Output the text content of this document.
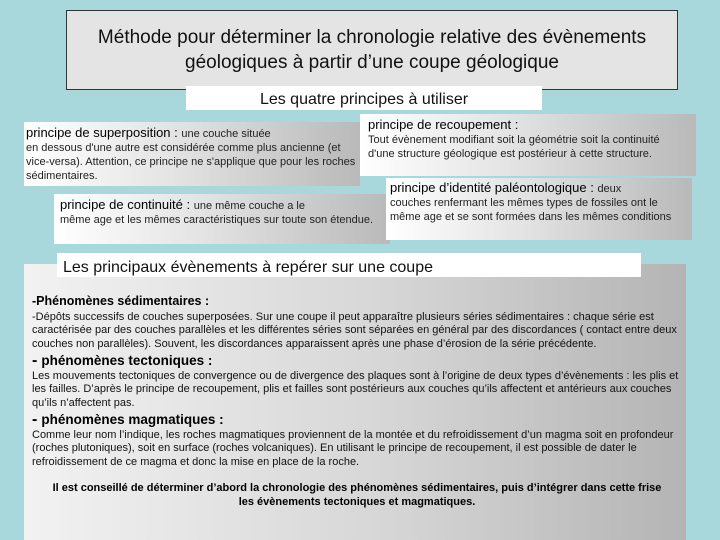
Méthode pour déterminer la chronologie relative des évènements géologiques à partir d’une coupe géologique
principe de superposition : une couche située
en dessous d'une autre est considérée comme plus ancienne (et vice-versa). Attention, ce principe ne s'applique que pour les roches sédimentaires.
principe de recoupement :
Tout évènement modifiant soit la géométrie soit la continuité d'une structure géologique est postérieur à cette structure.
principe de continuité : une même couche a le
même age et les mêmes caractéristiques sur toute son étendue.
principe d’identité paléontologique : deux
couches renfermant les mêmes types de fossiles ont le même age et se sont formées dans les mêmes conditions
Les quatre principes à utiliser
-Phénomènes sédimentaires :

-Dépôts successifs de couches superposées. Sur une coupe il peut apparaître plusieurs séries sédimentaires : chaque série est caractérisée par des couches parallèles et les différentes séries sont séparées en général par des discordances ( contact entre deux couches non parallèles). Souvent, les discordances apparaissent après une phase d’érosion de la série précédente.

- phénomènes tectoniques :

Les mouvements tectoniques de convergence ou de divergence des plaques sont à l’origine de deux types d’évènements : les plis et les failles. D’après le principe de recoupement, plis et failles sont postérieurs aux couches qu’ils affectent et antérieurs aux couches qu’ils n’affectent pas.

- phénomènes magmatiques :

Comme leur nom l’indique, les roches magmatiques proviennent de la montée et du refroidissement d’un magma soit en profondeur (roches plutoniques), soit en surface (roches volcaniques). En utilisant le principe de recoupement, il est possible de dater le refroidissement de ce magma et donc la mise en place de la roche.

Il est conseillé de déterminer d’abord la chronologie des phénomènes sédimentaires, puis d’intégrer dans cette frise les évènements tectoniques et magmatiques.
Les principaux évènements à repérer sur une coupe
